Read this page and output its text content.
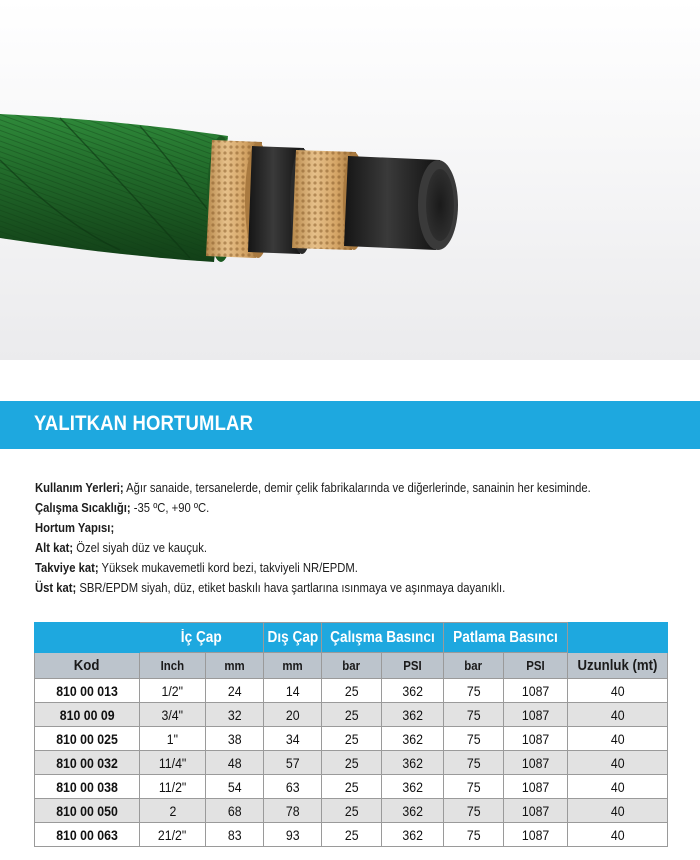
YALITKAN HORTUMLAR
Kullanım Yerleri; Ağır sanaide, tersanelerde, demir çelik fabrikalarında ve diğerlerinde, sanainin her kesiminde.
Çalışma Sıcaklığı; -35 ºC, +90 ºC.
Hortum Yapısı;
Alt kat; Özel siyah düz ve kauçuk.
Takviye kat; Yüksek mukavemetli kord bezi, takviyeli NR/EPDM.
Üst kat; SBR/EPDM siyah, düz, etiket baskılı hava şartlarına ısınmaya ve aşınmaya dayanıklı.
	İç Çap		Dış Çap	Çalışma Basıncı		Patlama Basıncı		
Kod	Inch	mm	mm	bar	PSI	bar	PSI	Uzunluk (mt)
810 00 013	1/2"	24	14	25	362	75	1087	40
810 00 09	3/4"	32	20	25	362	75	1087	40
810 00 025	1"	38	34	25	362	75	1087	40
810 00 032	11/4"	48	57	25	362	75	1087	40
810 00 038	11/2"	54	63	25	362	75	1087	40
810 00 050	2	68	78	25	362	75	1087	40
810 00 063	21/2"	83	93	25	362	75	1087	40
